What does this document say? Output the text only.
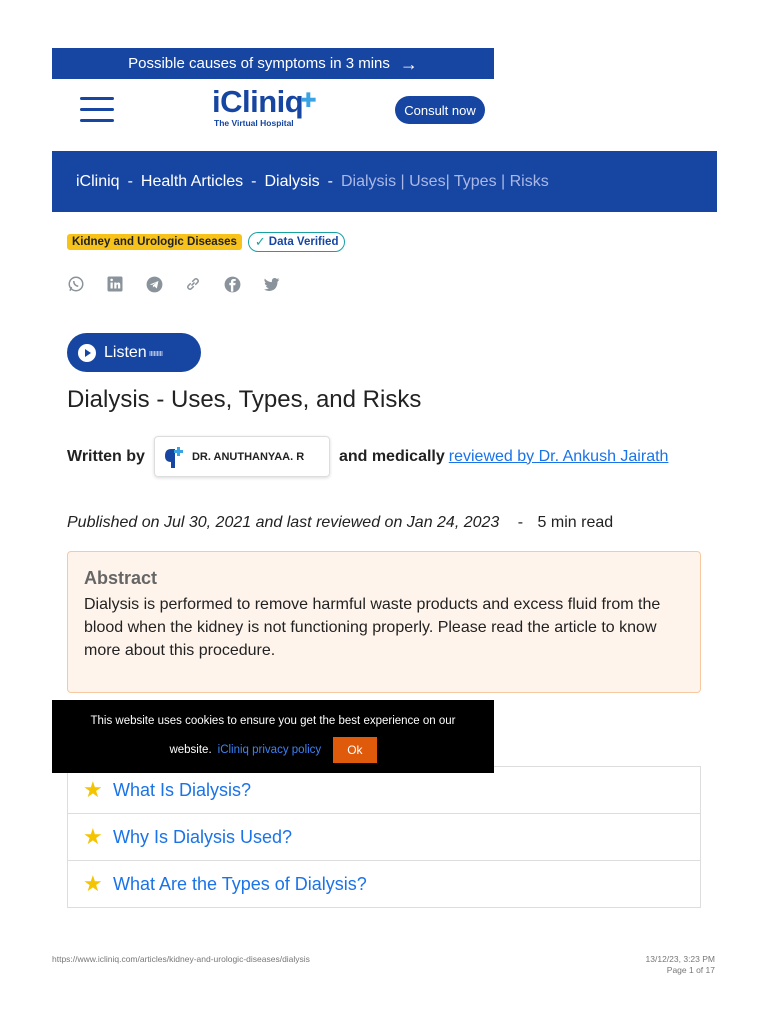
Possible causes of symptoms in 3 mins →
iCliniq
✚
The Virtual Hospital
Consult now
iCliniq - Health Articles - Dialysis - Dialysis | Uses| Types | Risks
Kidney and Urologic Diseases	✓ Data Verified
Listen ııııııııı
Dialysis - Uses, Types, and Risks
Written by	DR. ANUTHANYAA. R and medically reviewed by Dr. Ankush Jairath
Published on Jul 30, 2021 and last reviewed on Jan 24, 2023 - 5 min read
Abstract

Dialysis is performed to remove harmful waste products and excess fluid from the blood when the kidney is not functioning properly. Please read the article to know more about this procedure.

★ What Is Dialysis?
★ Why Is Dialysis Used?
★ What Are the Types of Dialysis?
This website uses cookies to ensure you get the best experience on our
website. iCliniq privacy policy	Ok
https://www.icliniq.com/articles/kidney-and-urologic-diseases/dialysis	13/12/23, 3:23 PM
Page 1 of 17
